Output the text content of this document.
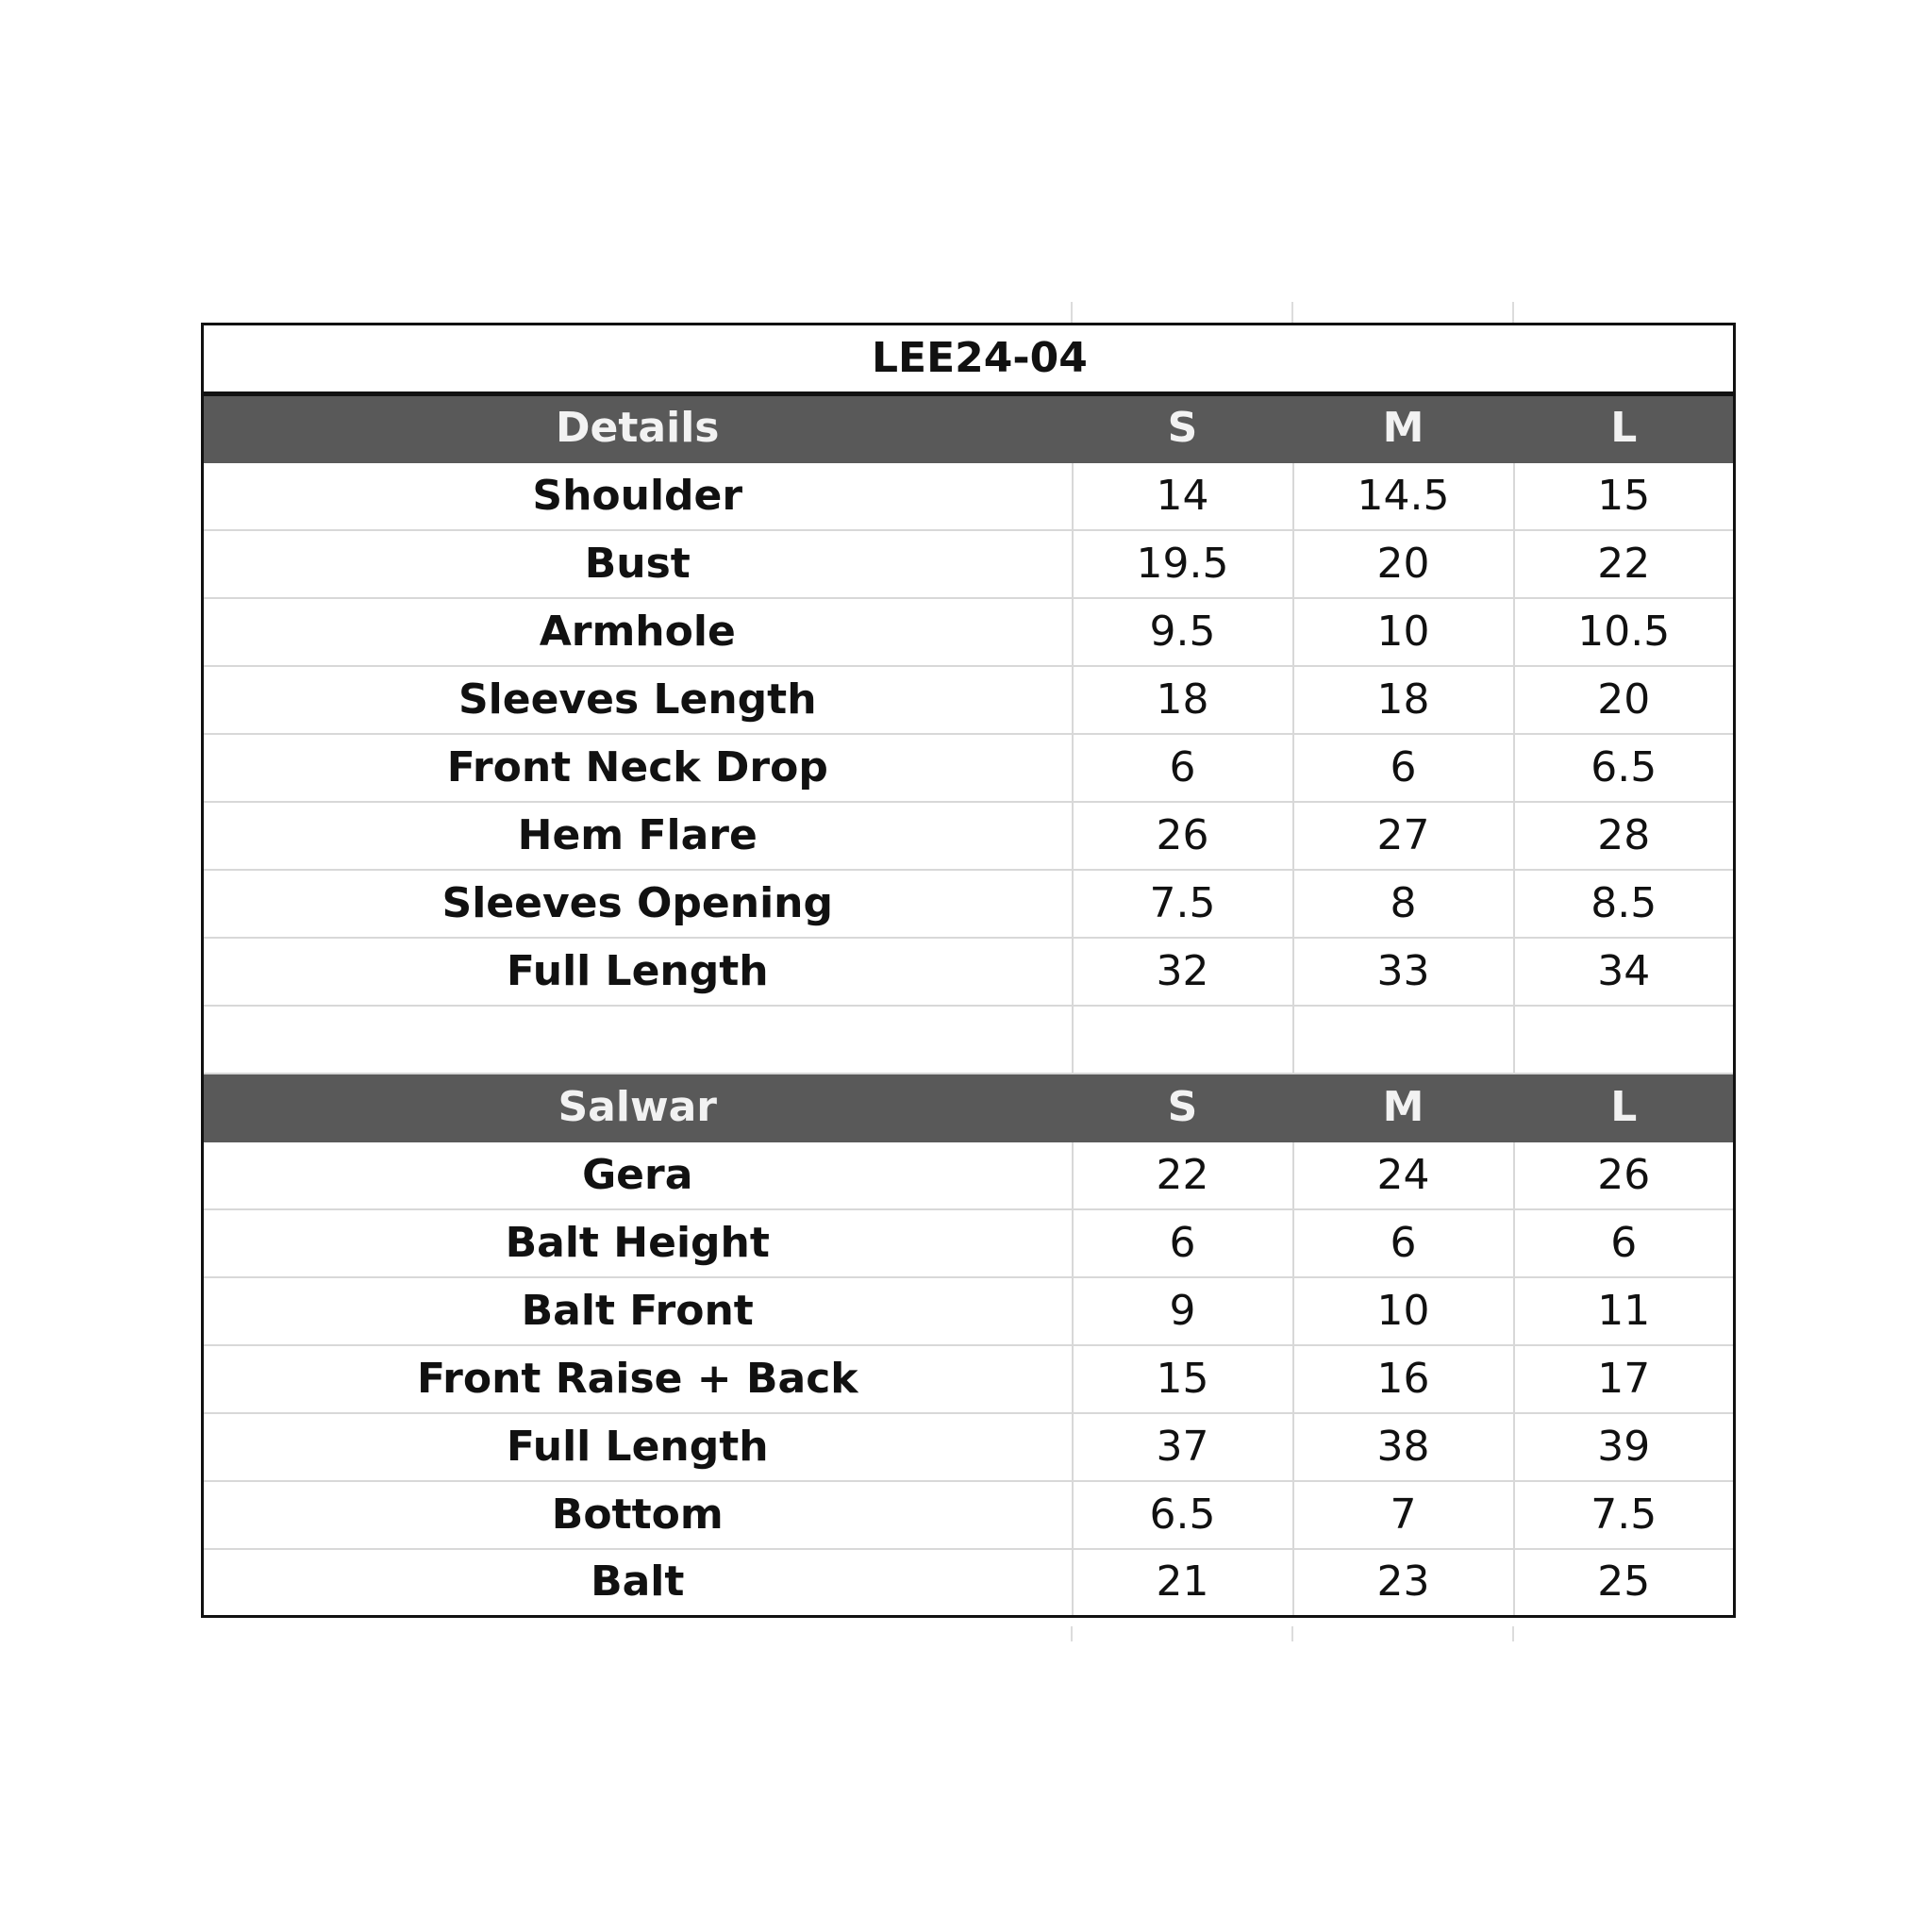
LEE24-04			
Details	S	M	L
Shoulder	14	14.5	15
Bust	19.5	20	22
Armhole	9.5	10	10.5
Sleeves Length	18	18	20
Front Neck Drop	6	6	6.5
Hem Flare	26	27	28
Sleeves Opening	7.5	8	8.5
Full Length	32	33	34

Salwar	S	M	L
Gera	22	24	26
Balt Height	6	6	6
Balt Front	9	10	11
Front Raise + Back	15	16	17
Full Length	37	38	39
Bottom	6.5	7	7.5
Balt	21	23	25
